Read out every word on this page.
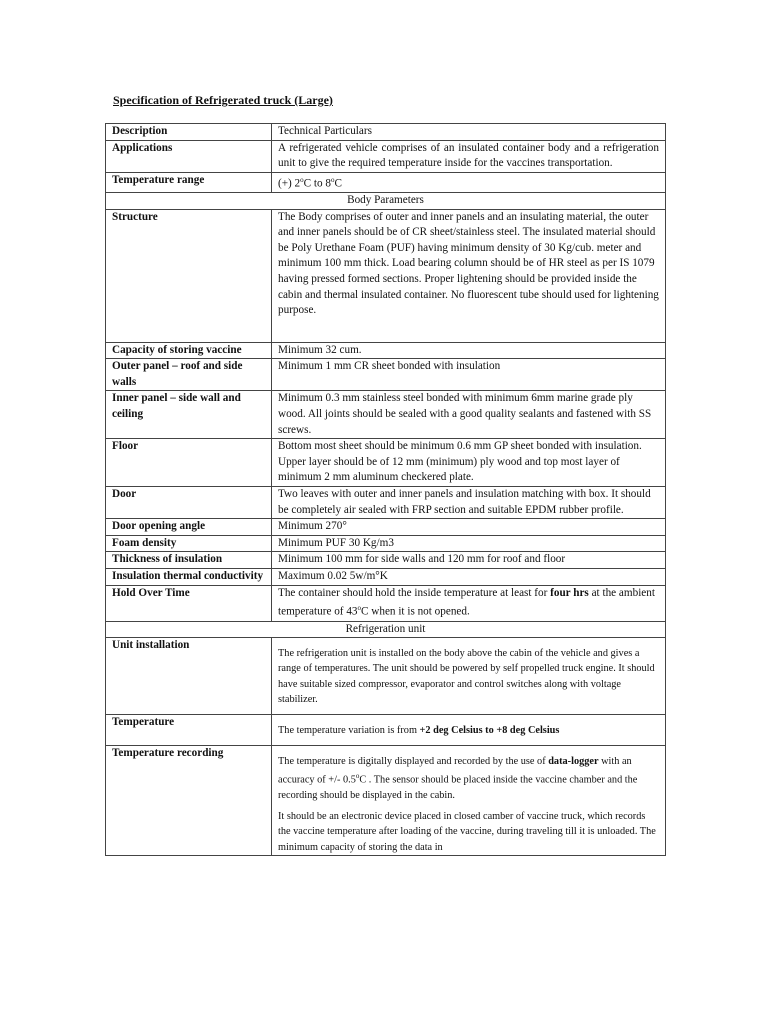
Specification of Refrigerated truck (Large)
Description	Technical Particulars
Applications	A refrigerated vehicle comprises of an insulated container body and a refrigeration unit to give the required temperature inside for the vaccines transportation.
Temperature range	(+) 2$^o$C to 8$^o$C
Body Parameters	
Structure	The Body comprises of outer and inner panels and an insulating material, the outer and inner panels should be of CR sheet/stainless steel. The insulated material should be Poly Urethane Foam (PUF) having minimum density of 30 Kg/cub. meter and minimum 100 mm thick. Load bearing column should be of HR steel as per IS 1079 having pressed formed sections. Proper lightening should be provided inside the cabin and thermal insulated container. No fluorescent tube should used for lightening purpose.
Capacity of storing vaccine	Minimum 32 cum.
Outer panel – roof and side walls	Minimum 1 mm CR sheet bonded with insulation
Inner panel – side wall and ceiling	Minimum 0.3 mm stainless steel bonded with minimum 6mm marine grade ply wood. All joints should be sealed with a good quality sealants and fastened with SS screws.
Floor	Bottom most sheet should be minimum 0.6 mm GP sheet bonded with insulation. Upper layer should be of 12 mm (minimum) ply wood and top most layer of minimum 2 mm aluminum checkered plate.
Door	Two leaves with outer and inner panels and insulation matching with box. It should be completely air sealed with FRP section and suitable EPDM rubber profile.
Door opening angle	Minimum 270°
Foam density	Minimum PUF 30 Kg/m3
Thickness of insulation	Minimum 100 mm for side walls and 120 mm for roof and floor
Insulation thermal conductivity	Maximum 0.02 5w/m°K
Hold Over Time	The container should hold the inside temperature at least for four hrs at the ambient temperature of 43$^o$C when it is not opened.
Refrigeration unit	
Unit installation	The refrigeration unit is installed on the body above the cabin of the vehicle and gives a range of temperatures. The unit should be powered by self propelled truck engine. It should have suitable sized compressor, evaporator and control switches along with voltage stabilizer.
Temperature	The temperature variation is from +2 deg Celsius to +8 deg Celsius
Temperature recording	The temperature is digitally displayed and recorded by the use of data-logger with an accuracy of +/- 0.5$^o$C . The sensor should be placed inside the vaccine chamber and the recording should be displayed in the cabin.
It should be an electronic device placed in closed camber of vaccine truck, which records the vaccine temperature after loading of the vaccine, during traveling till it is unloaded. The minimum capacity of storing the data in
